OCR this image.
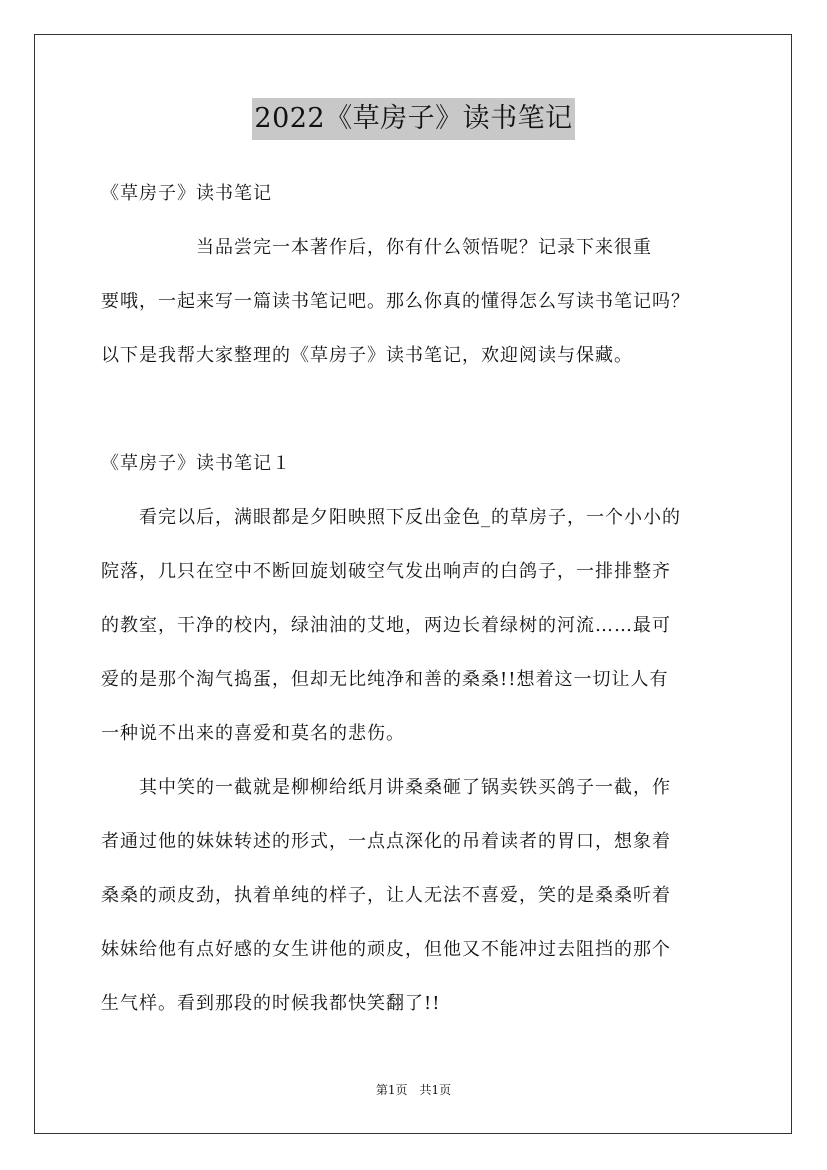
2022《草房子》读书笔记
《草房子》读书笔记
　　　　　当品尝完一本著作后，你有什么领悟呢？记录下来很重
要哦，一起来写一篇读书笔记吧。那么你真的懂得怎么写读书笔记吗？
以下是我帮大家整理的《草房子》读书笔记，欢迎阅读与保藏。
《草房子》读书笔记１
　　看完以后，满眼都是夕阳映照下反出金色_的草房子，一个小小的
院落，几只在空中不断回旋划破空气发出响声的白鸽子，一排排整齐
的教室，干净的校内，绿油油的艾地，两边长着绿树的河流……最可
爱的是那个淘气捣蛋，但却无比纯净和善的桑桑!!想着这一切让人有
一种说不出来的喜爱和莫名的悲伤。
　　其中笑的一截就是柳柳给纸月讲桑桑砸了锅卖铁买鸽子一截，作
者通过他的妹妹转述的形式，一点点深化的吊着读者的胃口，想象着
桑桑的顽皮劲，执着单纯的样子，让人无法不喜爱，笑的是桑桑听着
妹妹给他有点好感的女生讲他的顽皮，但他又不能冲过去阻挡的那个
生气样。看到那段的时候我都快笑翻了!!
第1页　共1页
